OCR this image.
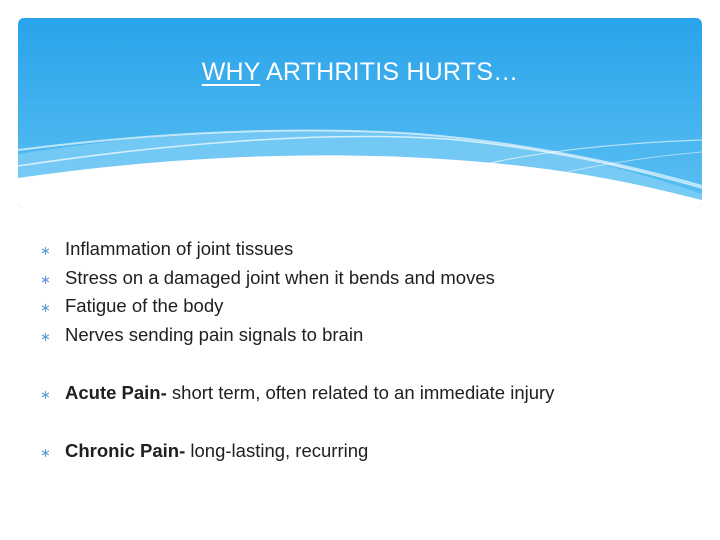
WHY ARTHRITIS HURTS…
∗ Inflammation of joint tissues
∗ Stress on a damaged joint when it bends and moves
∗ Fatigue of the body
∗ Nerves sending pain signals to brain
∗ Acute Pain- short term, often related to an immediate injury
∗ Chronic Pain- long-lasting, recurring
